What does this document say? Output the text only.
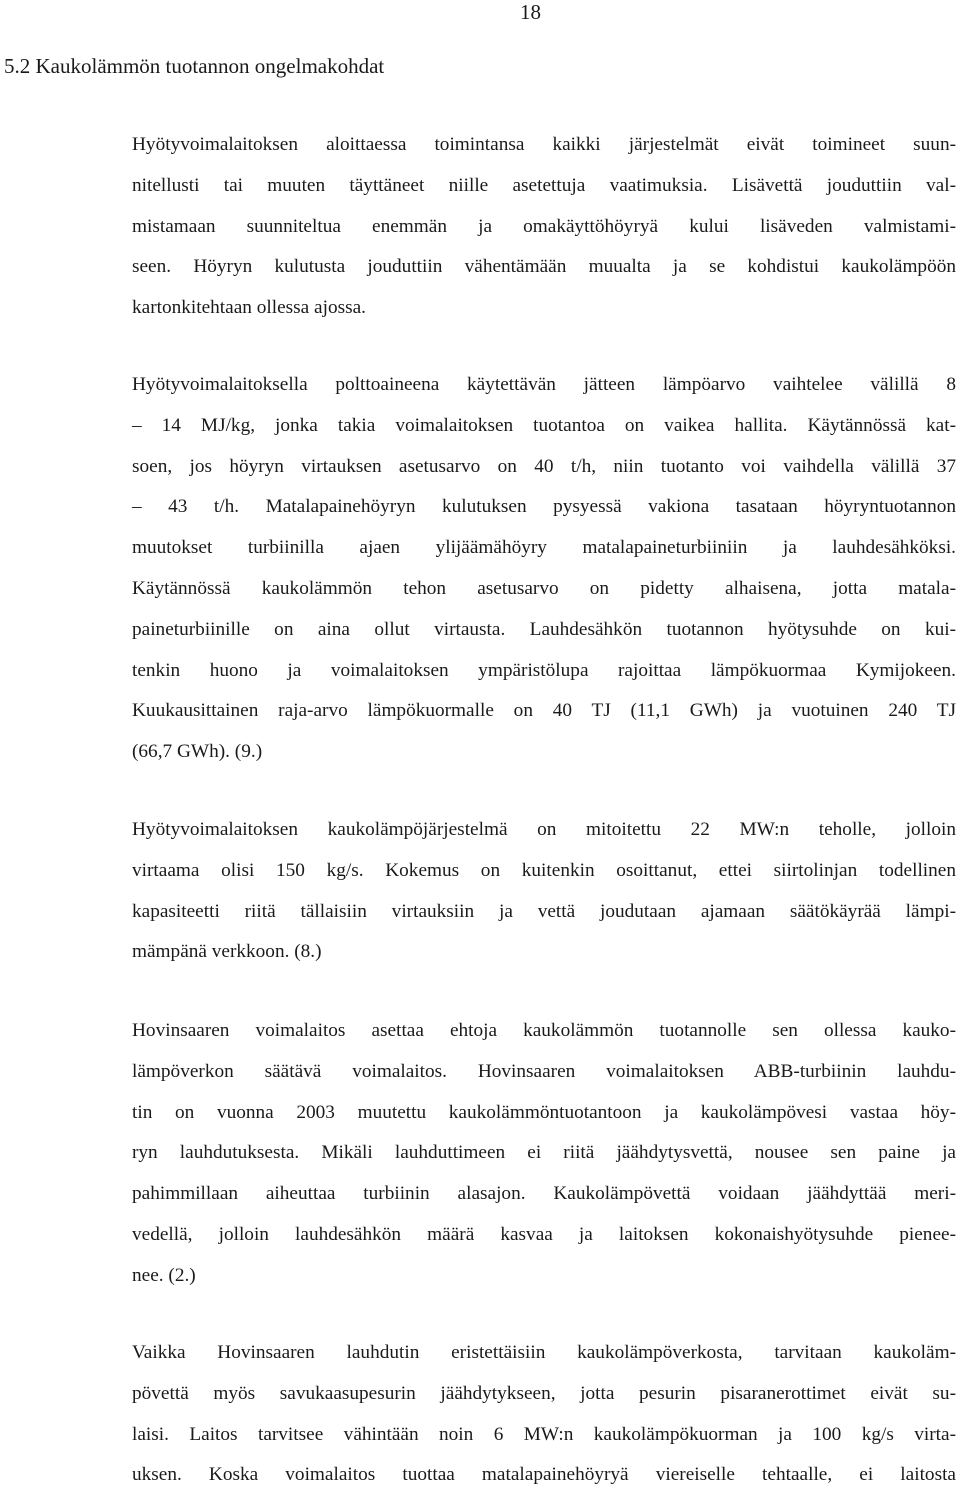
18
5.2 Kaukolämmön tuotannon ongelmakohdat
Hyötyvoimalaitoksen aloittaessa toimintansa kaikki järjestelmät eivät toimineet suun-
nitellusti tai muuten täyttäneet niille asetettuja vaatimuksia. Lisävettä jouduttiin val-
mistamaan suunniteltua enemmän ja omakäyttöhöyryä kului lisäveden valmistami-
seen. Höyryn kulutusta jouduttiin vähentämään muualta ja se kohdistui kaukolämpöön
kartonkitehtaan ollessa ajossa.
Hyötyvoimalaitoksella polttoaineena käytettävän jätteen lämpöarvo vaihtelee välillä 8
– 14 MJ/kg, jonka takia voimalaitoksen tuotantoa on vaikea hallita. Käytännössä kat-
soen, jos höyryn virtauksen asetusarvo on 40 t/h, niin tuotanto voi vaihdella välillä 37
– 43 t/h. Matalapainehöyryn kulutuksen pysyessä vakiona tasataan höyryntuotannon
muutokset turbiinilla ajaen ylijäämähöyry matalapaineturbiiniin ja lauhdesähköksi.
Käytännössä kaukolämmön tehon asetusarvo on pidetty alhaisena, jotta matala-
paineturbiinille on aina ollut virtausta. Lauhdesähkön tuotannon hyötysuhde on kui-
tenkin huono ja voimalaitoksen ympäristölupa rajoittaa lämpökuormaa Kymijokeen.
Kuukausittainen raja-arvo lämpökuormalle on 40 TJ (11,1 GWh) ja vuotuinen 240 TJ
(66,7 GWh). (9.)
Hyötyvoimalaitoksen kaukolämpöjärjestelmä on mitoitettu 22 MW:n teholle, jolloin
virtaama olisi 150 kg/s. Kokemus on kuitenkin osoittanut, ettei siirtolinjan todellinen
kapasiteetti riitä tällaisiin virtauksiin ja vettä joudutaan ajamaan säätökäyrää lämpi-
mämpänä verkkoon. (8.)
Hovinsaaren voimalaitos asettaa ehtoja kaukolämmön tuotannolle sen ollessa kauko-
lämpöverkon säätävä voimalaitos. Hovinsaaren voimalaitoksen ABB-turbiinin lauhdu-
tin on vuonna 2003 muutettu kaukolämmöntuotantoon ja kaukolämpövesi vastaa höy-
ryn lauhdutuksesta. Mikäli lauhduttimeen ei riitä jäähdytysvettä, nousee sen paine ja
pahimmillaan aiheuttaa turbiinin alasajon. Kaukolämpövettä voidaan jäähdyttää meri-
vedellä, jolloin lauhdesähkön määrä kasvaa ja laitoksen kokonaishyötysuhde pienee-
nee. (2.)
Vaikka Hovinsaaren lauhdutin eristettäisiin kaukolämpöverkosta, tarvitaan kaukoläm-
pövettä myös savukaasupesurin jäähdytykseen, jotta pesurin pisaranerottimet eivät su-
laisi. Laitos tarvitsee vähintään noin 6 MW:n kaukolämpökuorman ja 100 kg/s virta-
uksen. Koska voimalaitos tuottaa matalapainehöyryä viereiselle tehtaalle, ei laitosta
